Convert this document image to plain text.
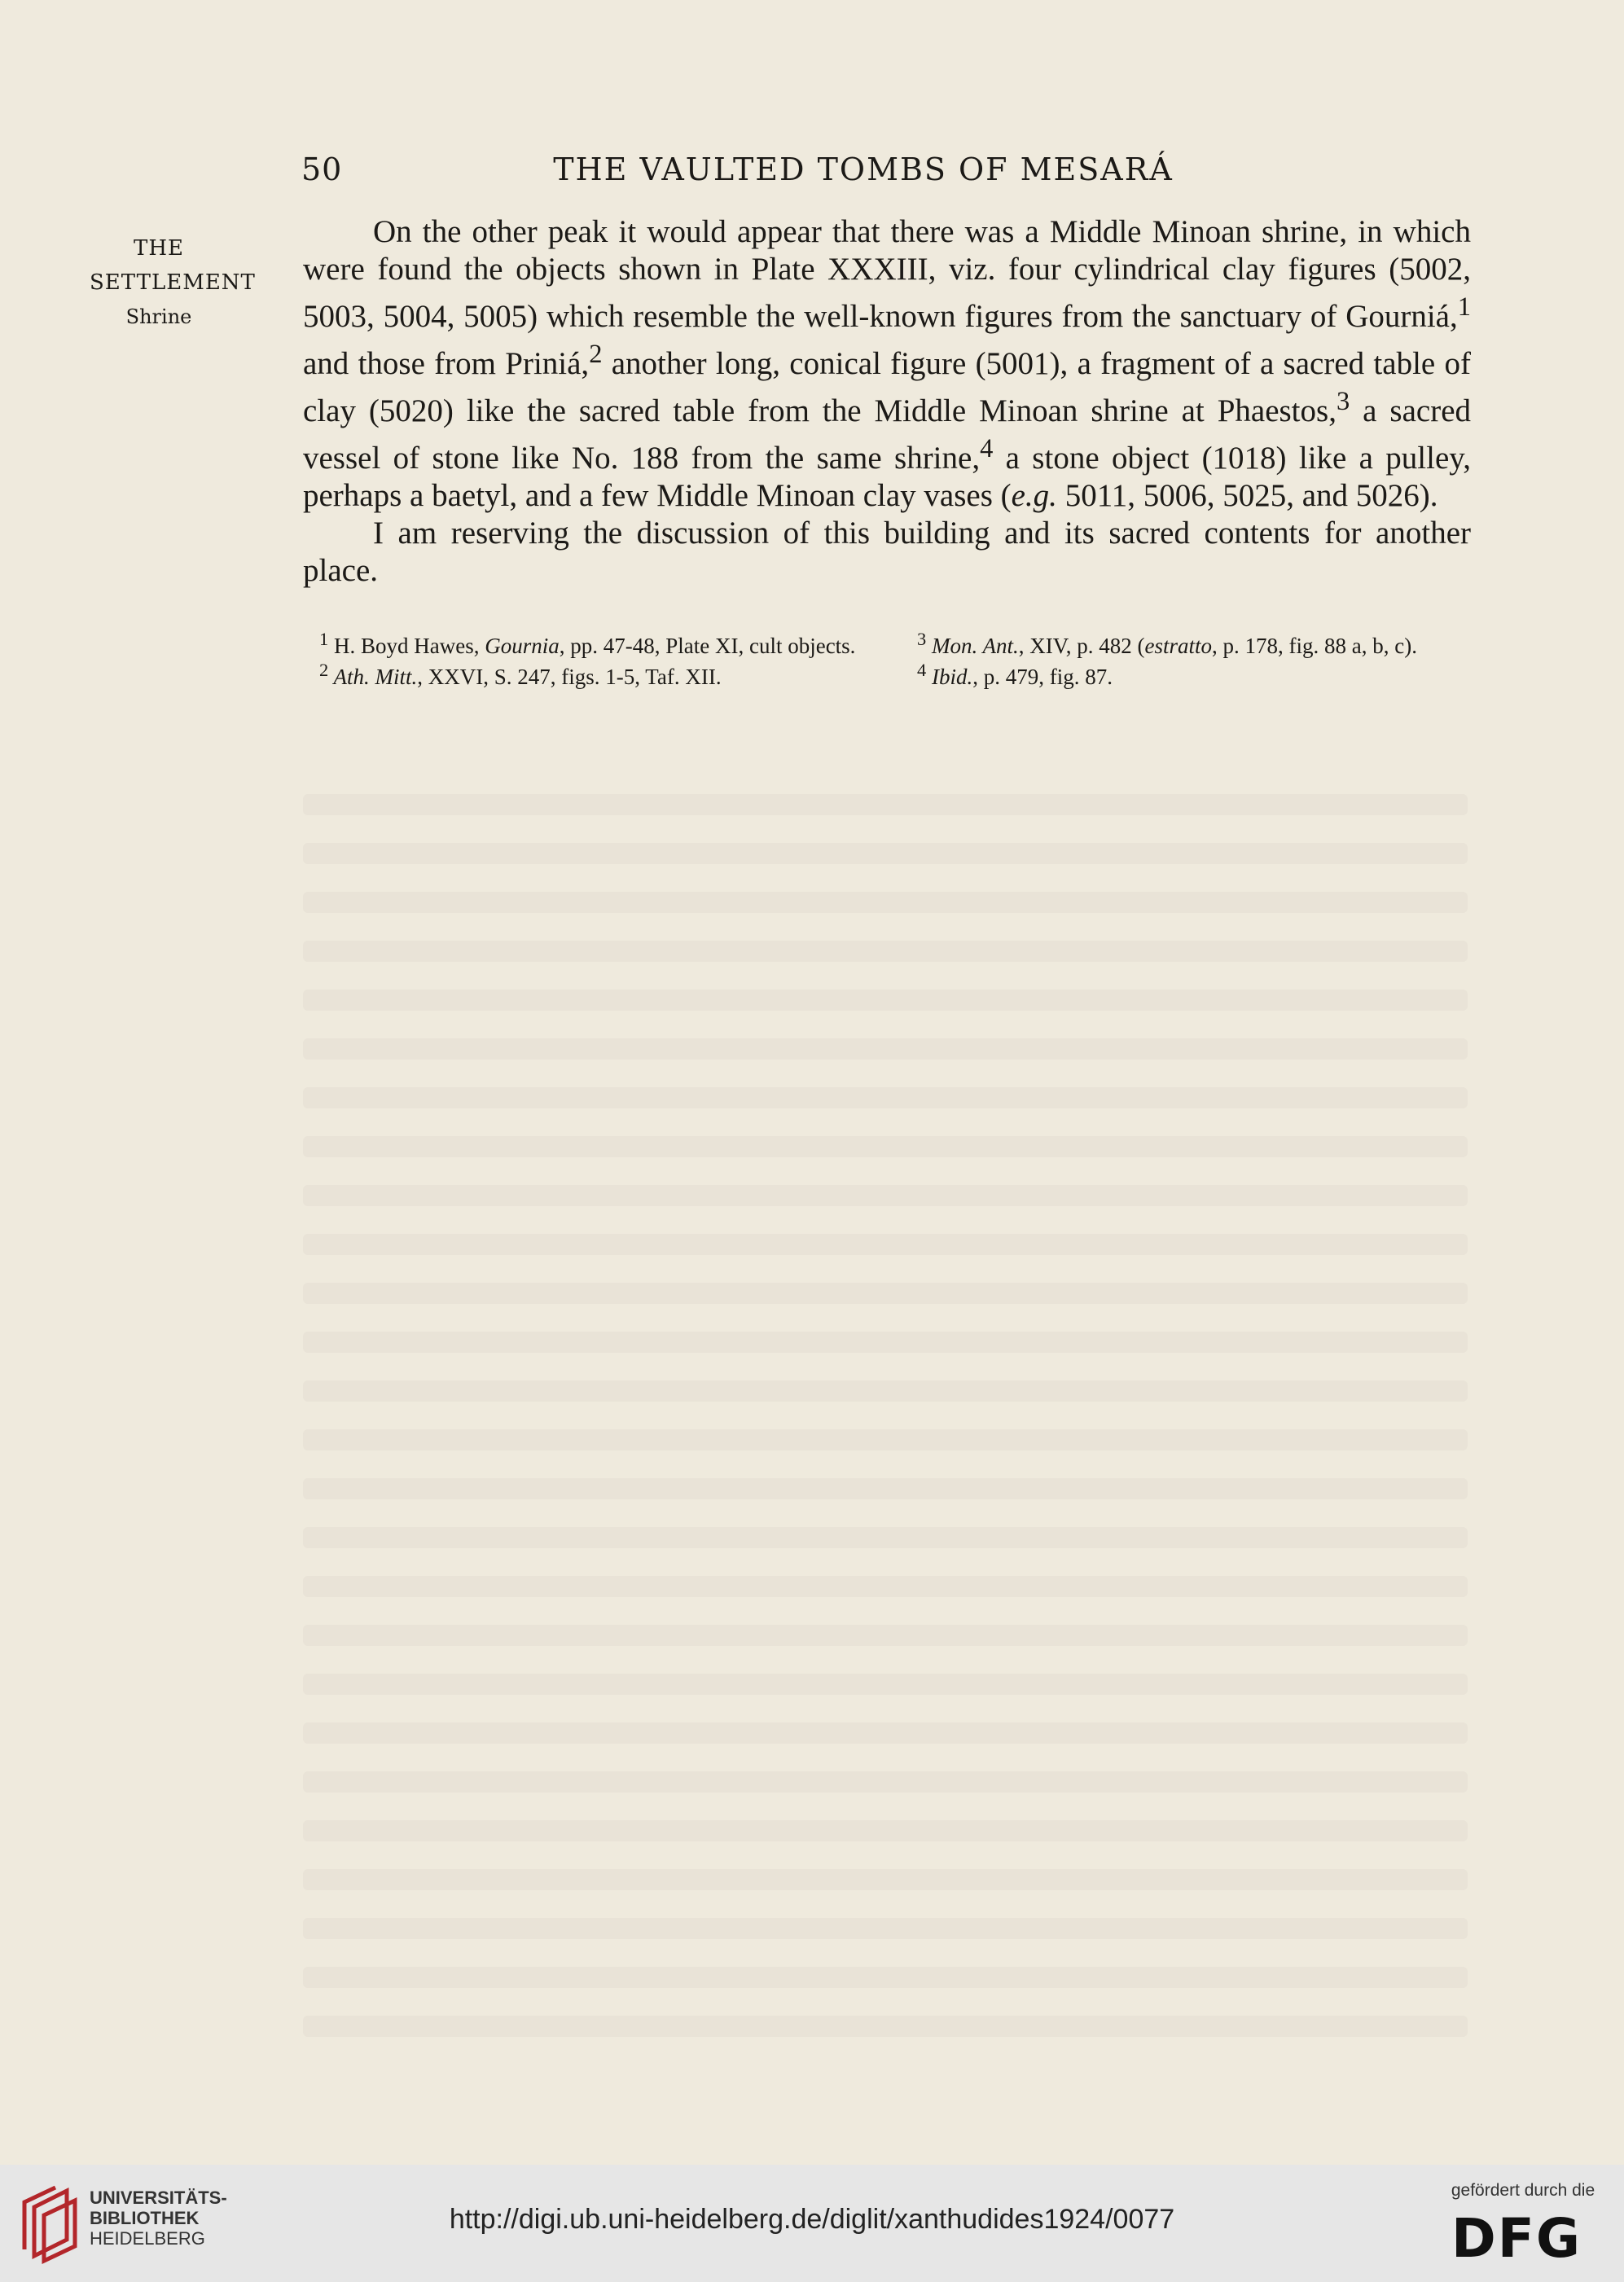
50	THE VAULTED TOMBS OF MESARÁ
THE
SETTLEMENT
Shrine

On the other peak it would appear that there was a Middle Minoan shrine, in which were found the objects shown in Plate XXXIII, viz. four cylindrical clay figures (5002, 5003, 5004, 5005) which resemble the well-known figures from the sanctuary of Gourniá,$^1$ and those from Priniá,$^2$ another long, conical figure (5001), a fragment of a sacred table of clay (5020) like the sacred table from the Middle Minoan shrine at Phaestos,$^3$ a sacred vessel of stone like No. 188 from the same shrine,$^4$ a stone object (1018) like a pulley, perhaps a baetyl, and a few Middle Minoan clay vases (e.g. 5011, 5006, 5025, and 5026).

I am reserving the discussion of this building and its sacred contents for another place.

$^1$ H. Boyd Hawes, Gournia, pp. 47-48, Plate XI, cult objects.

$^2$ Ath. Mitt., XXVI, S. 247, figs. 1-5, Taf. XII.

$^3$ Mon. Ant., XIV, p. 482 (estratto, p. 178, fig. 88 a, b, c).

$^4$ Ibid., p. 479, fig. 87.

UNIVERSITÄTS-
BIBLIOTHEK
HEIDELBERG
http://digi.ub.uni-heidelberg.de/diglit/xanthudides1924/0077
gefördert durch die
DFG
